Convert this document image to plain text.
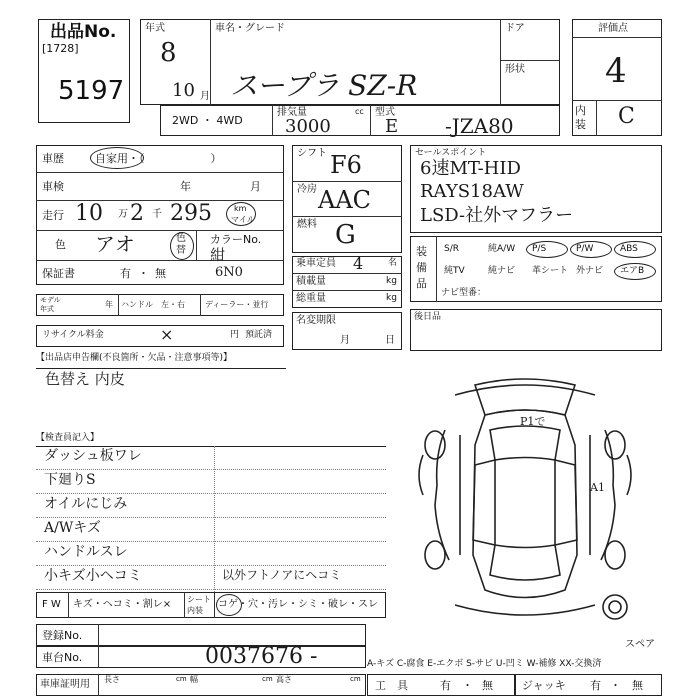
出品No.
[1728]
5197
年式
8
10 月
車名・グレード
スープラ SZ-R
ドア
形状
評価点
4
内装 C
2WD ・ 4WD
排気量	cc
3000
型式
E -JZA80
車歴	自家用・（　　　　　　）
車検	年	月
走行 10 万 2 千 295	km
マイル
色 アオ	色
替
カラーNo.
紺
6N0
保証書	有 ・ 無
モデル
年式	年 ハンドル　左・右	ディーラー・並行
リサイクル料金	×	円 預託済
シフト F6
冷房 AAC
燃料 G
乗車定員 4	名
積載量	kg
総重量	kg
名変期限
月	日
セールスポイント
6速MT-HID
RAYS18AW
LSD-社外マフラー
装備品
S/R	純A/W P/S	P/W	ABS
純TV	純ナビ 革シート 外ナビ エアB
ナビ型番：
後日品
【出品店申告欄(不良箇所・欠品・注意事項等)】
色替え 内皮
【検査員記入】
ダッシュ板ワレ
下廻りS
オイルにじみ
A/Wキズ
ハンドルスレ
小キズ小ヘコミ	以外フトノアにヘコミ
F W キズ・ヘコミ・割レ× シート
内装
コゲ・穴・汚レ・シミ・破レ・スレ
P1で
A1
スペア
登録No.
車台No.	0037676 -	A-キズ C-腐食 E-エクボ S-サビ U-凹ミ W-補修 XX-交換済
車庫証明用 長さ	cm 幅	cm 高さ	cm 工　具	有 ・ 無	ジャッキ 有 ・ 無
